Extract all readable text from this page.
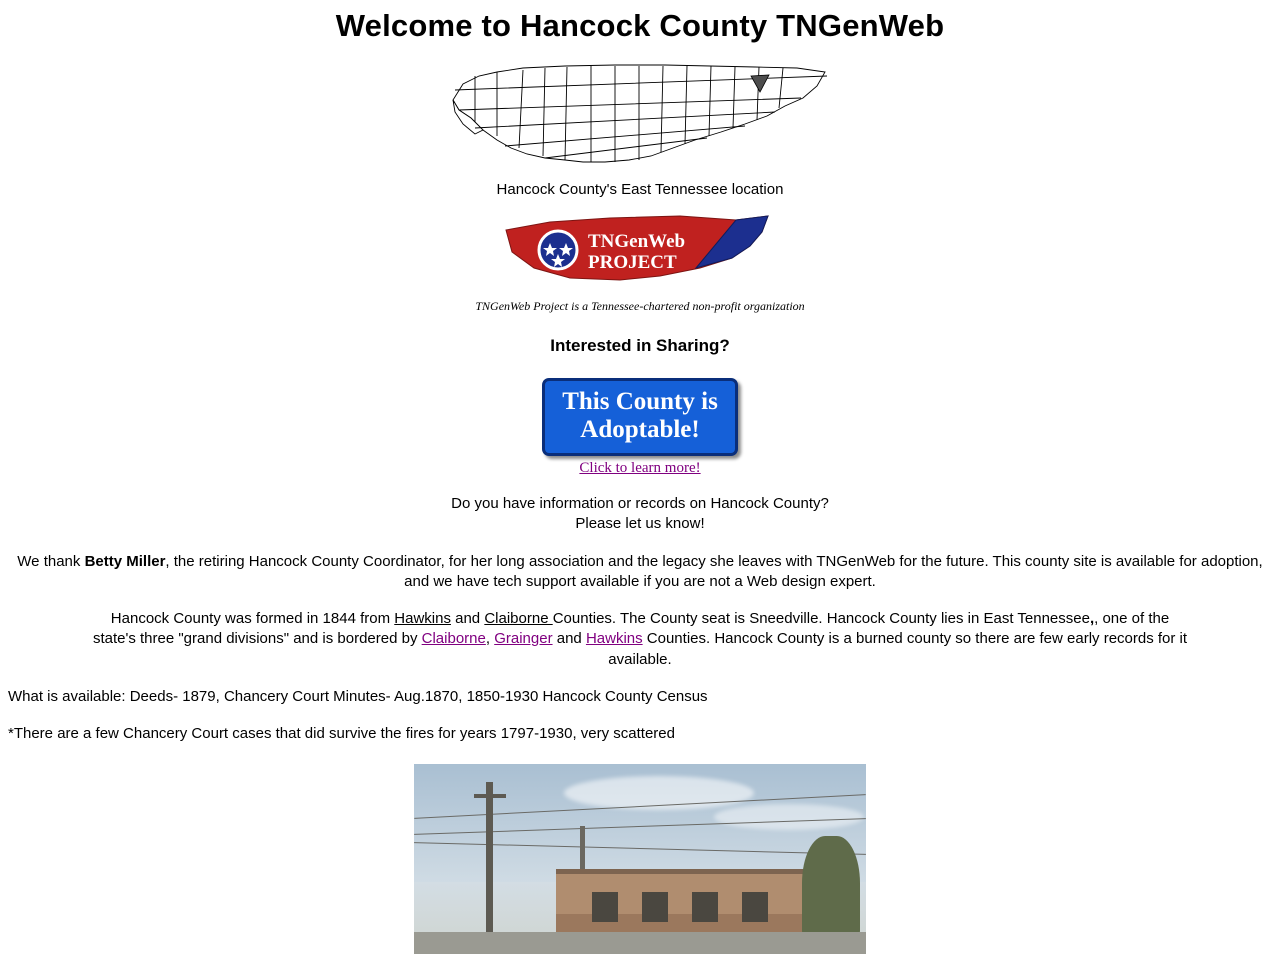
Welcome to Hancock County TNGenWeb
Hancock County's East Tennessee location
TNGenWeb
PROJECT
TNGenWeb Project is a Tennessee-chartered non-profit organization
Interested in Sharing?
This County is
Adoptable!
Click to learn more!
Do you have information or records on Hancock County?
Please let us know!
We thank Betty Miller, the retiring Hancock County Coordinator, for her long association and the legacy she leaves with TNGenWeb for the future. This county site is available for adoption, and we have tech support available if you are not a Web design expert.
Hancock County was formed in 1844 from Hawkins and Claiborne Counties. The County seat is Sneedville. Hancock County lies in East Tennessee,, one of the state's three "grand divisions" and is bordered by Claiborne, Grainger and Hawkins Counties. Hancock County is a burned county so there are few early records for it available.
What is available: Deeds- 1879, Chancery Court Minutes- Aug.1870, 1850-1930 Hancock County Census
*There are a few Chancery Court cases that did survive the fires for years 1797-1930, very scattered
